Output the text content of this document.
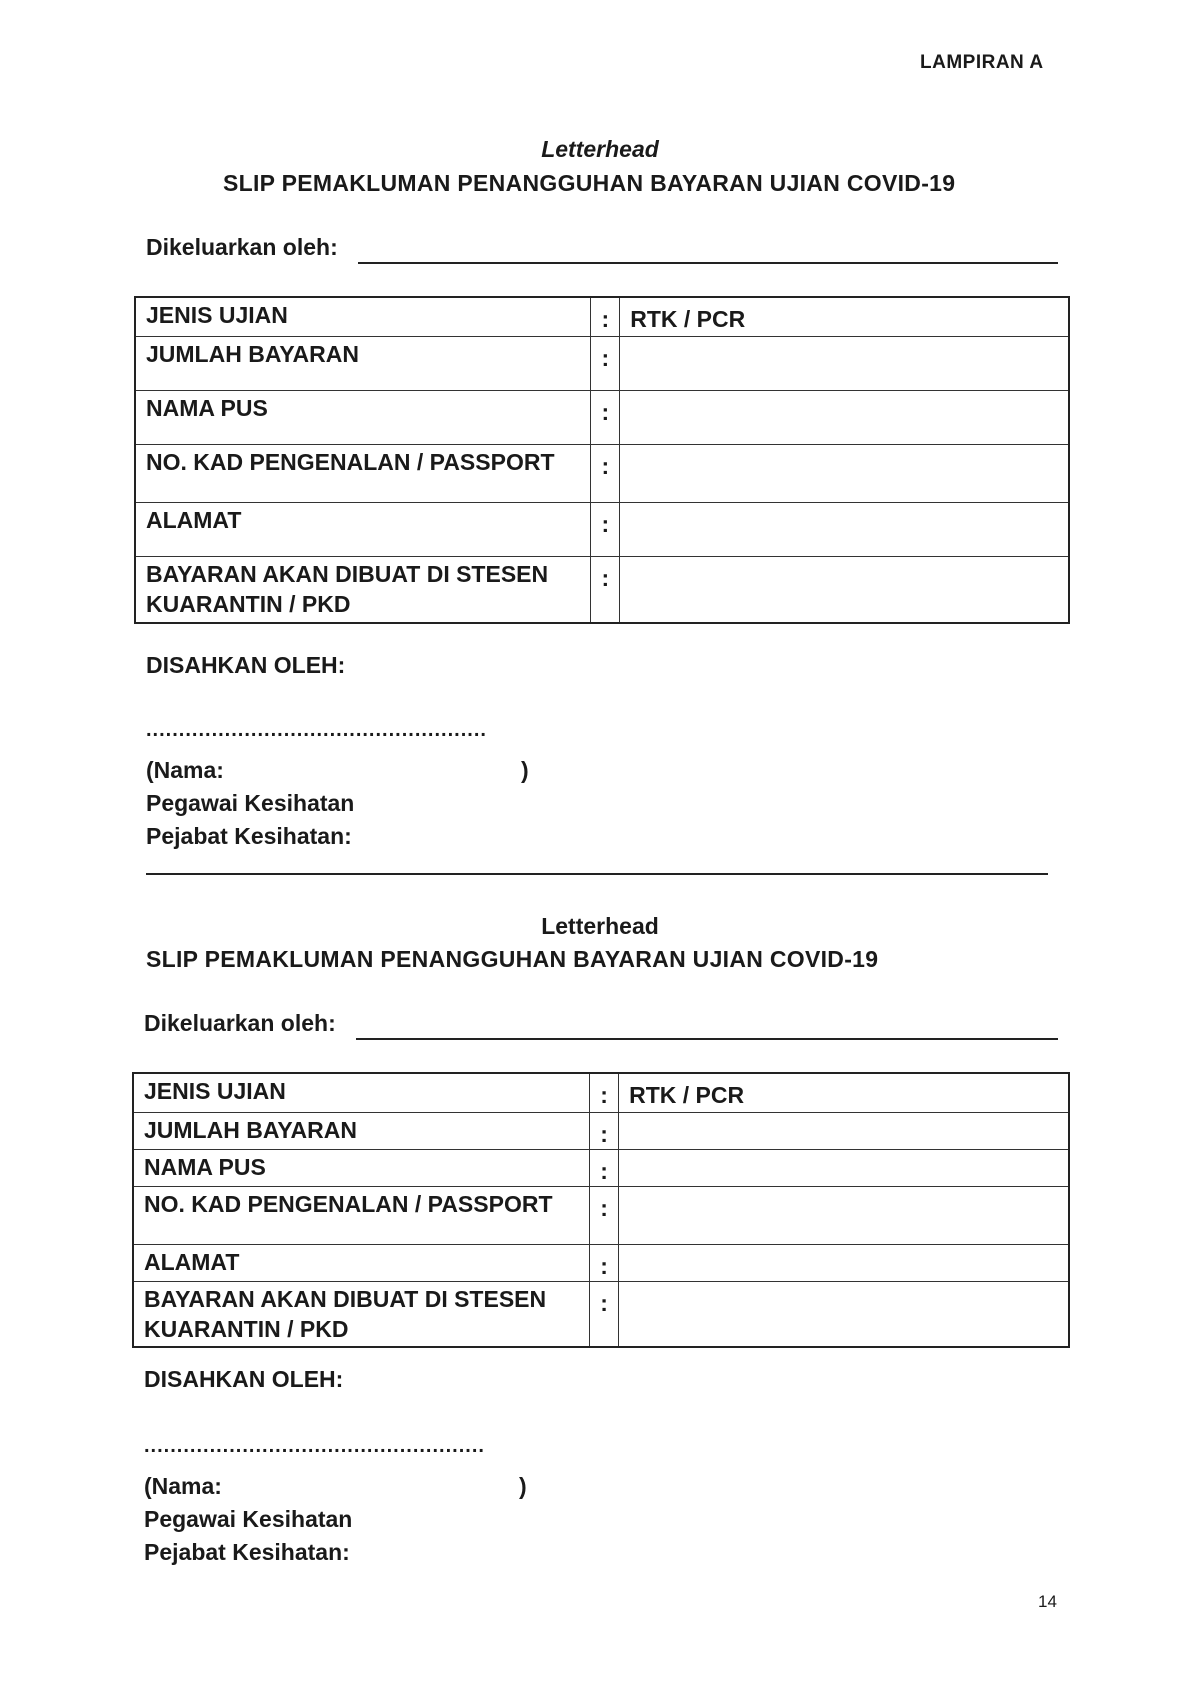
LAMPIRAN A
Letterhead
SLIP PEMAKLUMAN PENANGGUHAN BAYARAN UJIAN COVID-19
Dikeluarkan oleh:
JENIS UJIAN	:	RTK / PCR
JUMLAH BAYARAN	:	
NAMA PUS	:	
NO. KAD PENGENALAN / PASSPORT	:	
ALAMAT	:	
BAYARAN AKAN DIBUAT DI STESEN KUARANTIN / PKD	:	
DISAHKAN OLEH:
....................................................
(Nama:	)
Pegawai Kesihatan
Pejabat Kesihatan:
Letterhead
SLIP PEMAKLUMAN PENANGGUHAN BAYARAN UJIAN COVID-19
Dikeluarkan oleh:
JENIS UJIAN	:	RTK / PCR
JUMLAH BAYARAN	:	
NAMA PUS	:	
NO. KAD PENGENALAN / PASSPORT	:	
ALAMAT	:	
BAYARAN AKAN DIBUAT DI STESEN KUARANTIN / PKD	:	
DISAHKAN OLEH:
....................................................
(Nama:	)
Pegawai Kesihatan
Pejabat Kesihatan:
14
